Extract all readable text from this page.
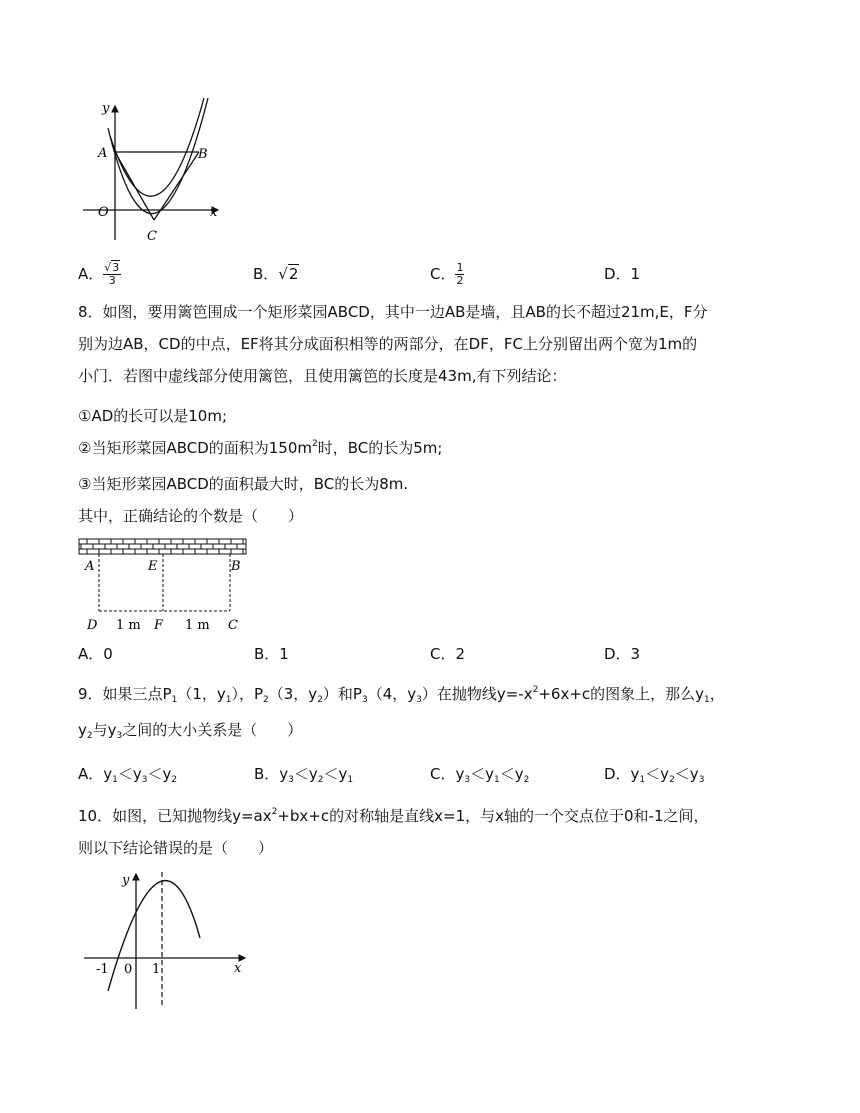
y
x
O
A	B
C
A． $\frac{√3}{3}$	B．√2	C． $\frac{1}{2}$	D．1
8．如图，要用篱笆围成一个矩形菜园ABCD，其中一边AB是墙，且AB的长不超过21m,E，F分
别为边AB，CD的中点，EF将其分成面积相等的两部分，在DF，FC上分别留出两个宽为1m的
小门．若图中虚线部分使用篱笆，且使用篱笆的长度是43m,有下列结论：
①AD的长可以是10m;
②当矩形菜园ABCD的面积为$150m^2$时，BC的长为5m;
③当矩形菜园ABCD的面积最大时，BC的长为8m.
其中，正确结论的个数是（　　）
A	E	B
D 1 m F 1 m C
A．0	B．1	C．2	D．3
9．如果三点$P_1(1$，$y_1$），$P_2(3$，$y_2$）和$P_3(4$，$y_3$）在抛物线$y=-x^2+6x+c$的图象上，那么$y_1$，
$y_2$与$y_3$之间的大小关系是（　　）
A．$y_1<y_3<y_2$	B．$y_3<y_2<y_1$	C．$y_3<y_1<y_2$	D．$y_1<y_2<y_3$
10．如图，已知抛物线$y=ax^2+bx+c$的对称轴是直线x=1，与x轴的一个交点位于0和-1之间，
则以下结论错误的是（　　）
y
x
-1 0 1
